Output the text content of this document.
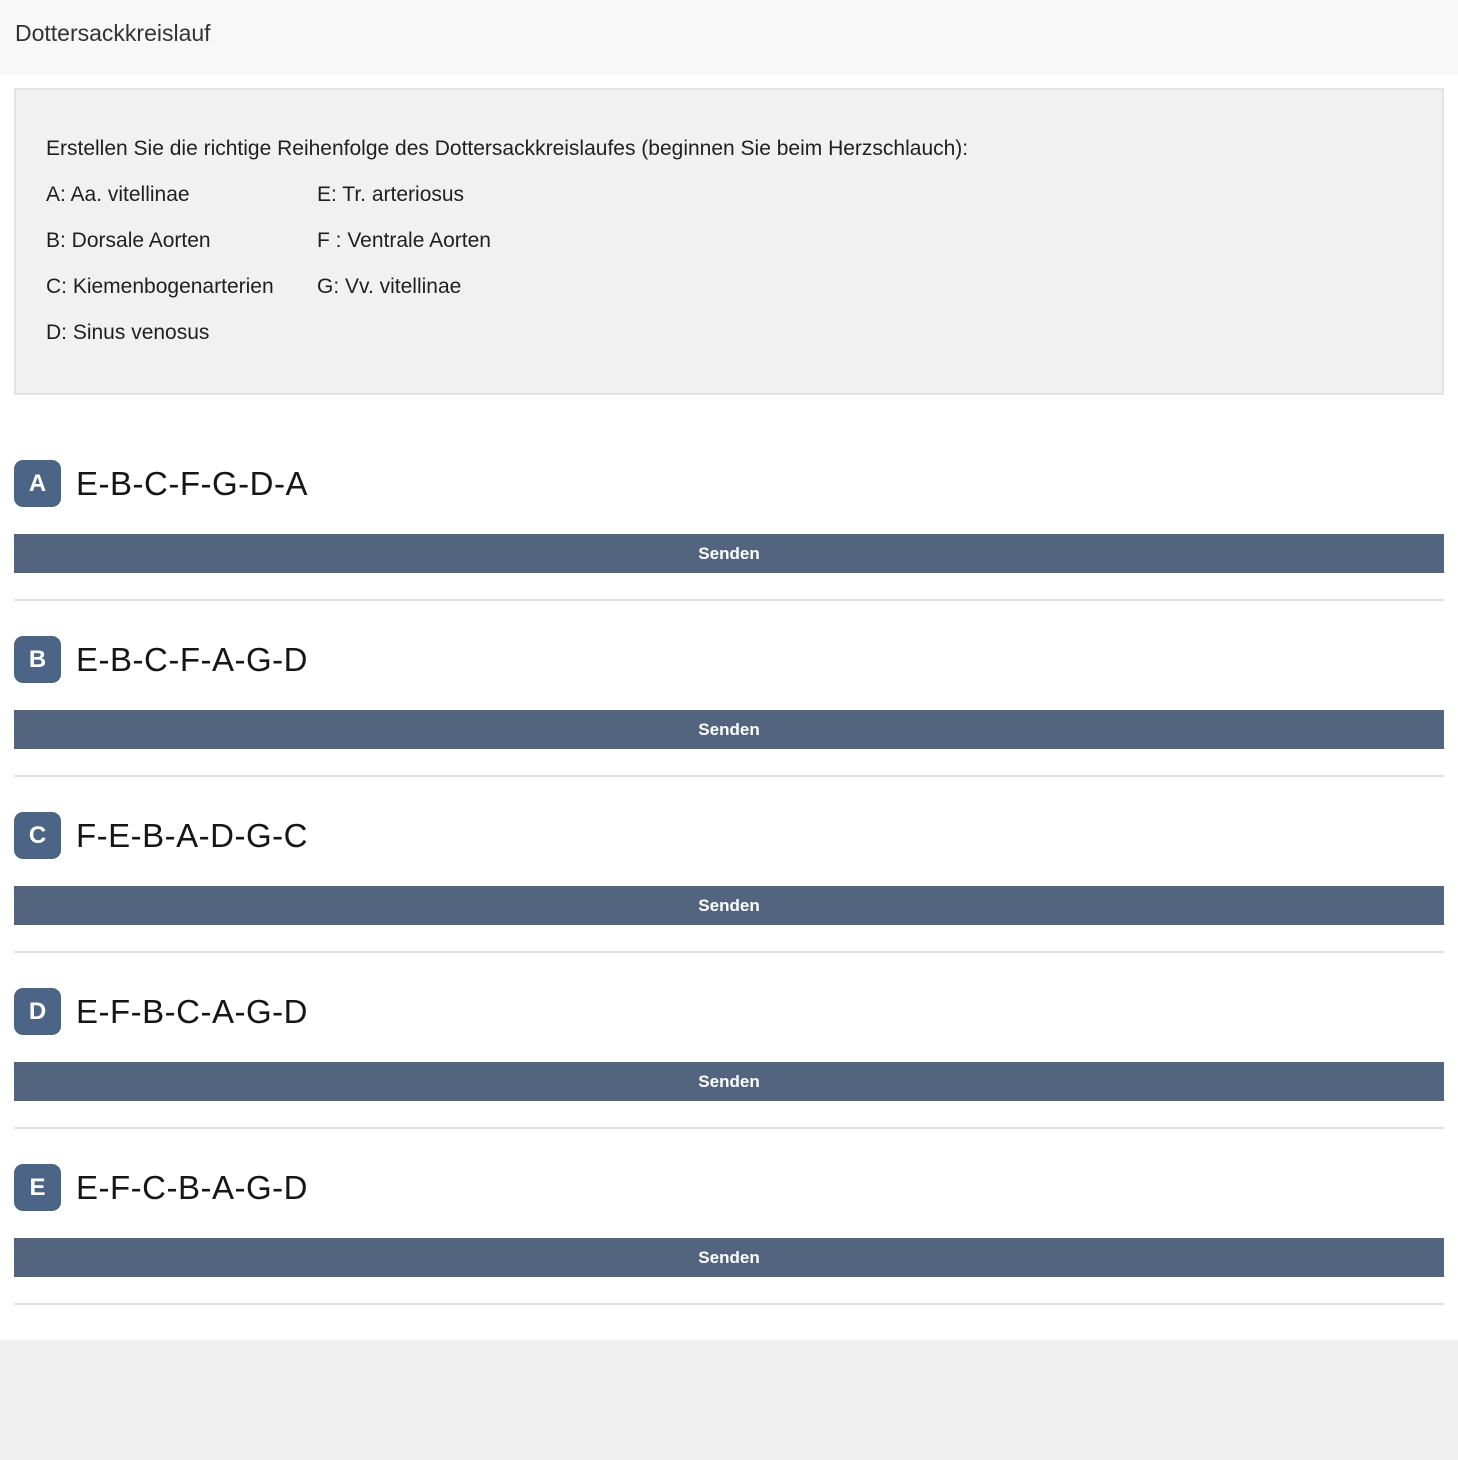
Dottersackkreislauf

Erstellen Sie die richtige Reihenfolge des Dottersackkreislaufes (beginnen Sie beim Herzschlauch):

A: Aa. vitellinae	E: Tr. arteriosus
B: Dorsale Aorten	F : Ventrale Aorten
C: Kiemenbogenarterien	G: Vv. vitellinae
D: Sinus venosus
A E-B-C-F-G-D-A
Senden
B E-B-C-F-A-G-D
Senden
C F-E-B-A-D-G-C
Senden
D E-F-B-C-A-G-D
Senden
E E-F-C-B-A-G-D
Senden
